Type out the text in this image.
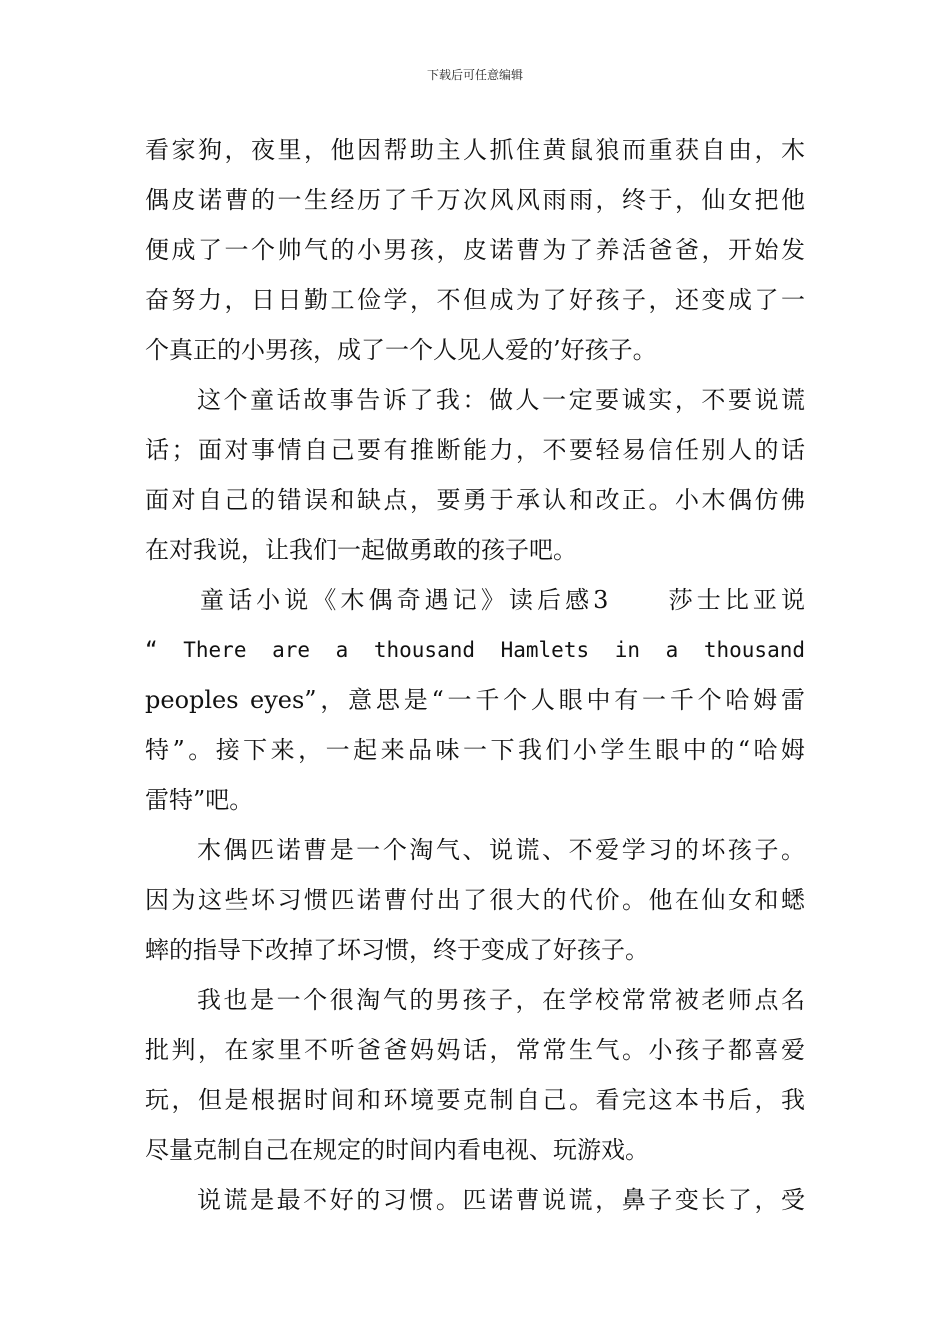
下载后可任意编辑
看家狗，夜里，他因帮助主人抓住黄鼠狼而重获自由，木
偶皮诺曹的一生经历了千万次风风雨雨，终于，仙女把他
便成了一个帅气的小男孩，皮诺曹为了养活爸爸，开始发
奋努力，日日勤工俭学，不但成为了好孩子，还变成了一
个真正的小男孩，成了一个人见人爱的’好孩子。
这个童话故事告诉了我：做人一定要诚实，不要说谎
话；面对事情自己要有推断能力，不要轻易信任别人的话
面对自己的错误和缺点，要勇于承认和改正。小木偶仿佛
在对我说，让我们一起做勇敢的孩子吧。
童话小说《木偶奇遇记》读后感3　　莎士比亚说
“ There are a thousand Hamlets in a thousand
peoples eyes”，意思是“一千个人眼中有一千个哈姆雷
特”。接下来，一起来品味一下我们小学生眼中的“哈姆
雷特”吧。
木偶匹诺曹是一个淘气、说谎、不爱学习的坏孩子。
因为这些坏习惯匹诺曹付出了很大的代价。他在仙女和蟋
蟀的指导下改掉了坏习惯，终于变成了好孩子。
我也是一个很淘气的男孩子，在学校常常被老师点名
批判，在家里不听爸爸妈妈话，常常生气。小孩子都喜爱
玩，但是根据时间和环境要克制自己。看完这本书后，我
尽量克制自己在规定的时间内看电视、玩游戏。
说谎是最不好的习惯。匹诺曹说谎，鼻子变长了，受
